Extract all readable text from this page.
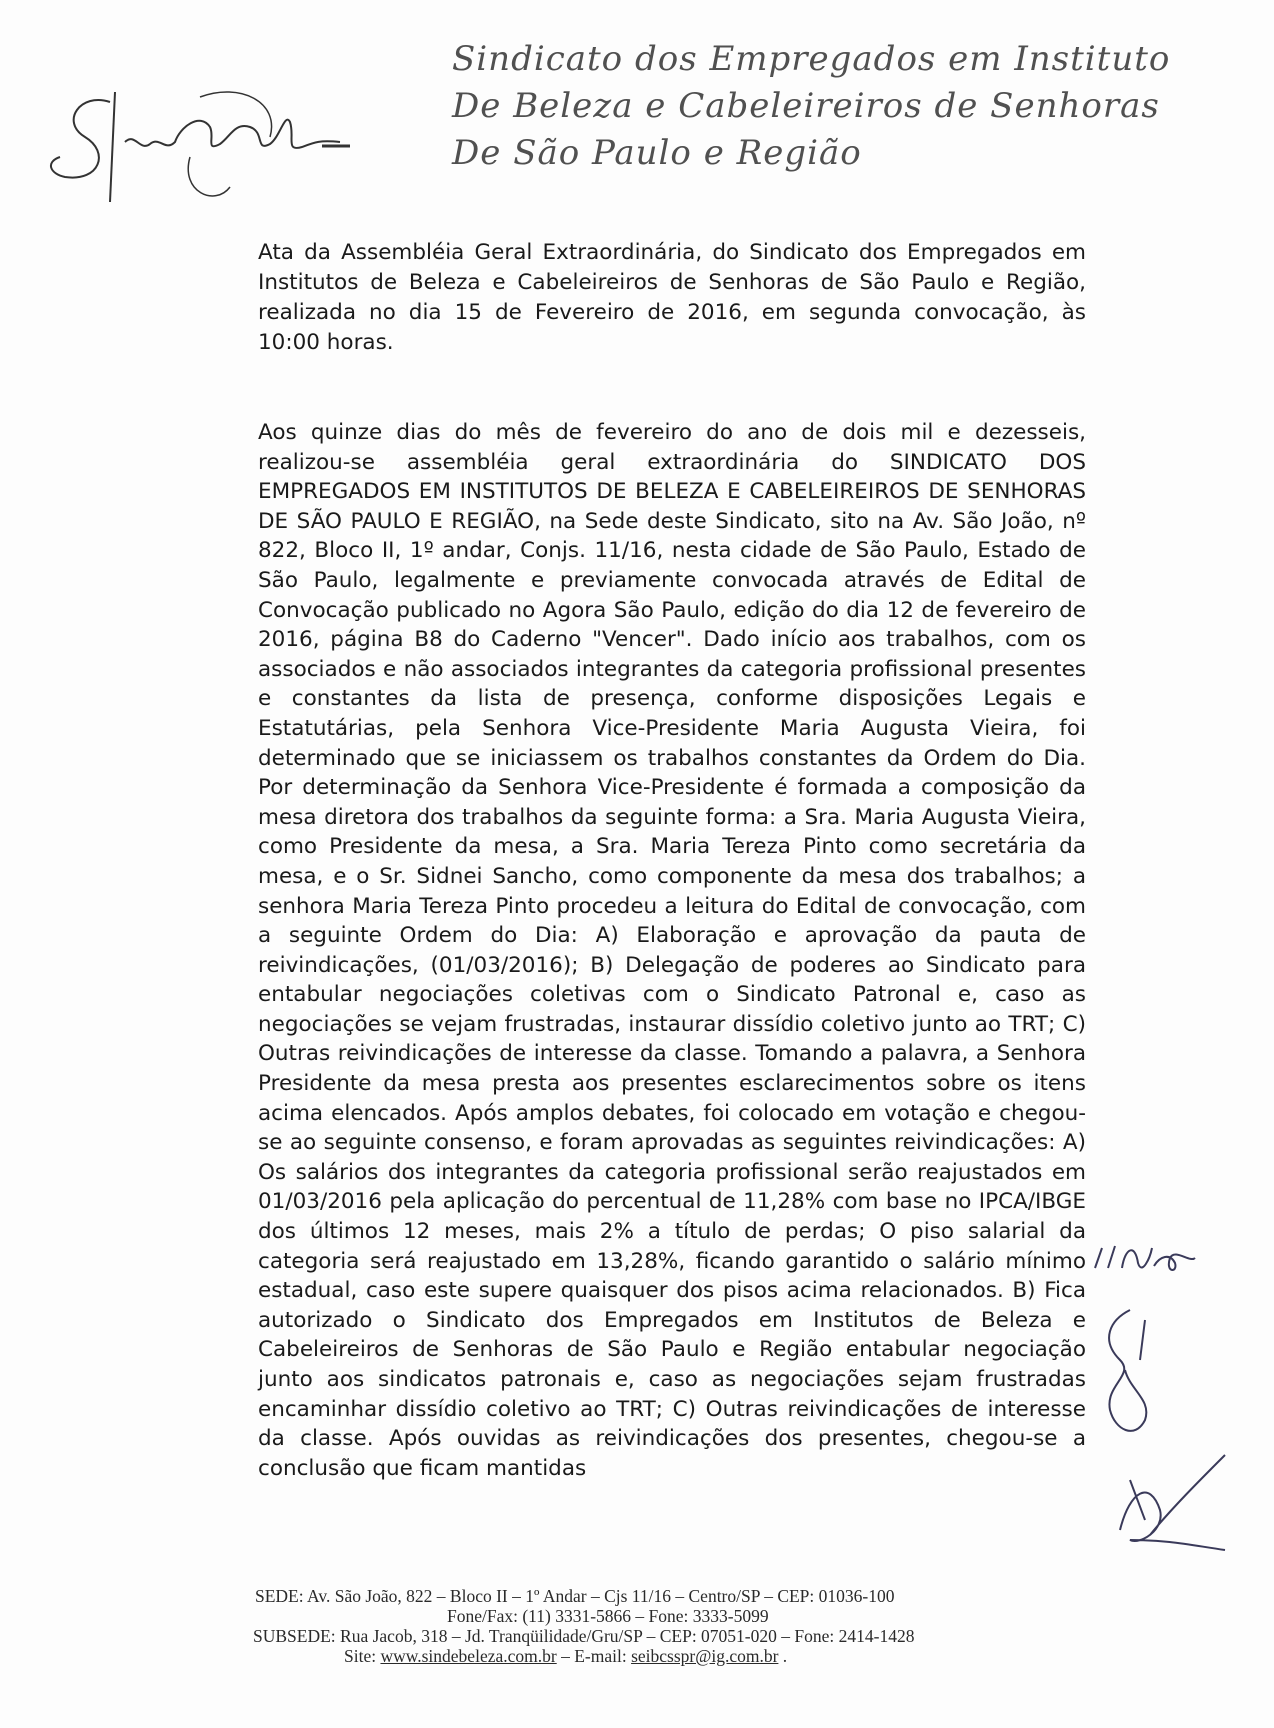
Sindicato dos Empregados em Instituto
De Beleza e Cabeleireiros de Senhoras
De São Paulo e Região
Ata da Assembléia Geral Extraordinária, do Sindicato dos Empregados em Institutos de Beleza e Cabeleireiros de Senhoras de São Paulo e Região, realizada no dia 15 de Fevereiro de 2016, em segunda convocação, às 10:00 horas.
Aos quinze dias do mês de fevereiro do ano de dois mil e dezesseis, realizou-se assembléia geral extraordinária do SINDICATO DOS EMPREGADOS EM INSTITUTOS DE BELEZA E CABELEIREIROS DE SENHORAS DE SÃO PAULO E REGIÃO, na Sede deste Sindicato, sito na Av. São João, nº 822, Bloco II, 1º andar, Conjs. 11/16, nesta cidade de São Paulo, Estado de São Paulo, legalmente e previamente convocada através de Edital de Convocação publicado no Agora São Paulo, edição do dia 12 de fevereiro de 2016, página B8 do Caderno "Vencer". Dado início aos trabalhos, com os associados e não associados integrantes da categoria profissional presentes e constantes da lista de presença, conforme disposições Legais e Estatutárias, pela Senhora Vice-Presidente Maria Augusta Vieira, foi determinado que se iniciassem os trabalhos constantes da Ordem do Dia. Por determinação da Senhora Vice-Presidente é formada a composição da mesa diretora dos trabalhos da seguinte forma: a Sra. Maria Augusta Vieira, como Presidente da mesa, a Sra. Maria Tereza Pinto como secretária da mesa, e o Sr. Sidnei Sancho, como componente da mesa dos trabalhos; a senhora Maria Tereza Pinto procedeu a leitura do Edital de convocação, com a seguinte Ordem do Dia: A) Elaboração e aprovação da pauta de reivindicações, (01/03/2016); B) Delegação de poderes ao Sindicato para entabular negociações coletivas com o Sindicato Patronal e, caso as negociações se vejam frustradas, instaurar dissídio coletivo junto ao TRT; C) Outras reivindicações de interesse da classe. Tomando a palavra, a Senhora Presidente da mesa presta aos presentes esclarecimentos sobre os itens acima elencados. Após amplos debates, foi colocado em votação e chegou-se ao seguinte consenso, e foram aprovadas as seguintes reivindicações: A) Os salários dos integrantes da categoria profissional serão reajustados em 01/03/2016 pela aplicação do percentual de 11,28% com base no IPCA/IBGE dos últimos 12 meses, mais 2% a título de perdas; O piso salarial da categoria será reajustado em 13,28%, ficando garantido o salário mínimo estadual, caso este supere quaisquer dos pisos acima relacionados. B) Fica autorizado o Sindicato dos Empregados em Institutos de Beleza e Cabeleireiros de Senhoras de São Paulo e Região entabular negociação junto aos sindicatos patronais e, caso as negociações sejam frustradas encaminhar dissídio coletivo ao TRT; C) Outras reivindicações de interesse da classe. Após ouvidas as reivindicações dos presentes, chegou-se a conclusão que ficam mantidas
SEDE: Av. São João, 822 – Bloco II – 1º Andar – Cjs 11/16 – Centro/SP – CEP: 01036-100
Fone/Fax: (11) 3331-5866 – Fone: 3333-5099
SUBSEDE: Rua Jacob, 318 – Jd. Tranqüilidade/Gru/SP – CEP: 07051-020 – Fone: 2414-1428
Site: www.sindebeleza.com.br – E-mail: seibcsspr@ig.com.br .
